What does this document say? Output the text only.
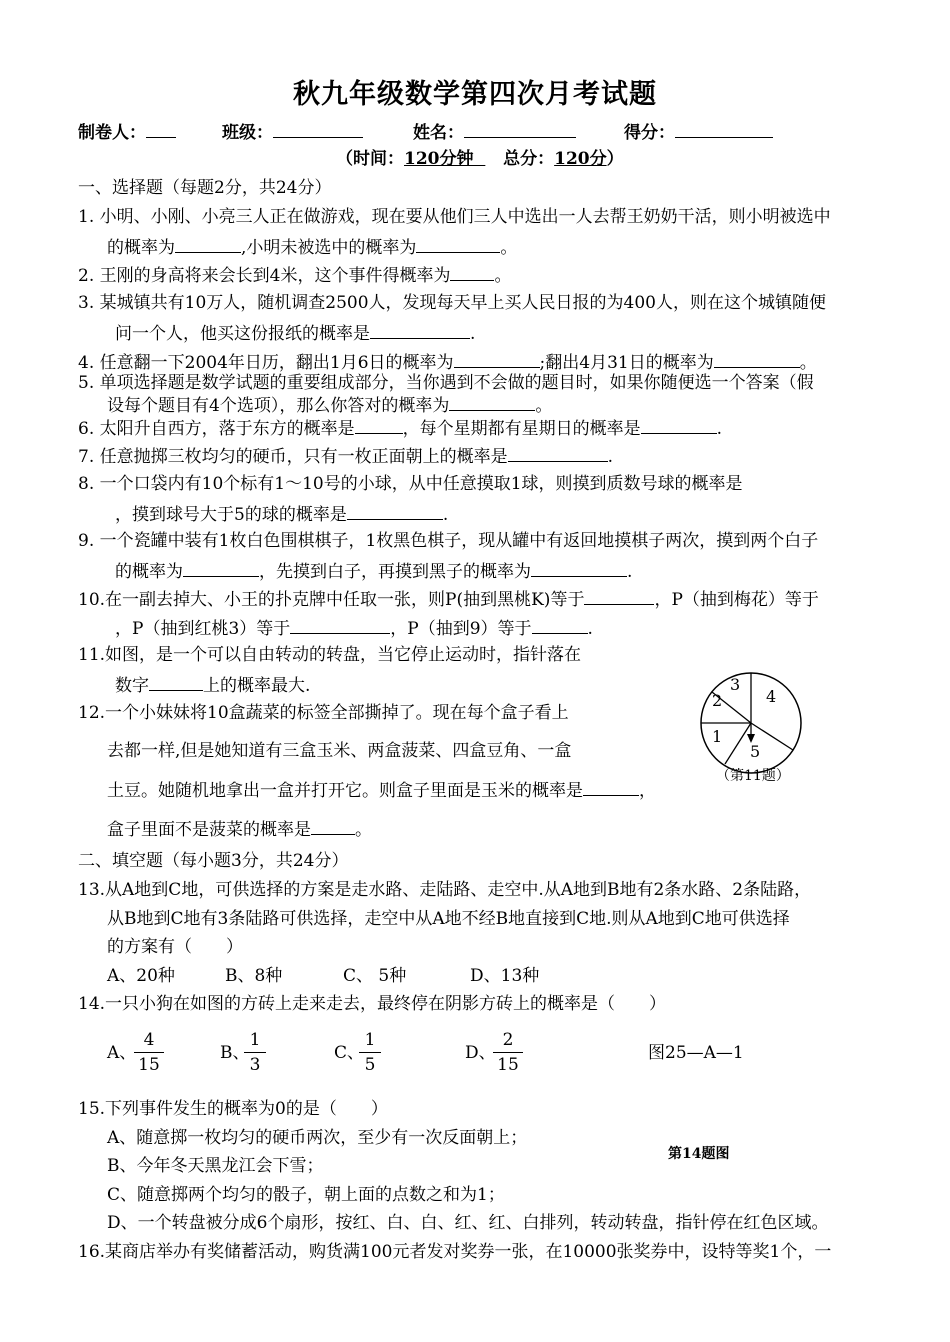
秋九年级数学第四次月考试题
制卷人：	班级：	姓名：	得分：
（时间：120分钟 总分：120分）
一、选择题（每题2分，共24分）
1. 小明、小刚、小亮三人正在做游戏，现在要从他们三人中选出一人去帮王奶奶干活，则小明被选中
的概率为	,小明未被选中的概率为	。
2. 王刚的身高将来会长到4米，这个事件得概率为	。
3. 某城镇共有10万人，随机调查2500人，发现每天早上买人民日报的为400人，则在这个城镇随便
问一个人，他买这份报纸的概率是	.
4. 任意翻一下2004年日历，翻出1月6日的概率为	;翻出4月31日的概率为	。
5. 单项选择题是数学试题的重要组成部分，当你遇到不会做的题目时，如果你随便选一个答案（假
设每个题目有4个选项），那么你答对的概率为	。
6. 太阳升自西方，落于东方的概率是	，每个星期都有星期日的概率是	.
7. 任意抛掷三枚均匀的硬币，只有一枚正面朝上的概率是	.
8. 一个口袋内有10个标有1～10号的小球，从中任意摸取1球，则摸到质数号球的概率是
，摸到球号大于5的球的概率是	.
9. 一个瓷罐中装有1枚白色围棋棋子，1枚黑色棋子，现从罐中有返回地摸棋子两次，摸到两个白子
的概率为	，先摸到白子，再摸到黑子的概率为	.
10.在一副去掉大、小王的扑克牌中任取一张，则P(抽到黑桃K)等于	，P（抽到梅花）等于
，P（抽到红桃3）等于	，P（抽到9）等于	.
11.如图，是一个可以自由转动的转盘，当它停止运动时，指针落在
数字	上的概率最大.
12.一个小妹妹将10盒蔬菜的标签全部撕掉了。现在每个盒子看上
去都一样,但是她知道有三盒玉米、两盒菠菜、四盒豆角、一盒
土豆。她随机地拿出一盒并打开它。则盒子里面是玉米的概率是	，
盒子里面不是菠菜的概率是	。
1
2
3
4
5
（第11题）
二、填空题（每小题3分，共24分）
13.从A地到C地，可供选择的方案是走水路、走陆路、走空中.从A地到B地有2条水路、2条陆路，
从B地到C地有3条陆路可供选择，走空中从A地不经B地直接到C地.则从A地到C地可供选择
的方案有（　　）
A、20种	B、8种	C、 5种	D、13种
14.一只小狗在如图的方砖上走来走去，最终停在阴影方砖上的概率是（　　）
A、
$\frac{4}{15}$	B、
$\frac{1}{3}$	C、
$\frac{1}{5}$	D、
$\frac{2}{15}$	图25—A—1
15.下列事件发生的概率为0的是（　　）
A、随意掷一枚均匀的硬币两次，至少有一次反面朝上；
第14题图
B、今年冬天黑龙江会下雪；
C、随意掷两个均匀的骰子，朝上面的点数之和为1；
D、一个转盘被分成6个扇形，按红、白、白、红、红、白排列，转动转盘，指针停在红色区域。
16.某商店举办有奖储蓄活动，购货满100元者发对奖券一张，在10000张奖券中，设特等奖1个，一
